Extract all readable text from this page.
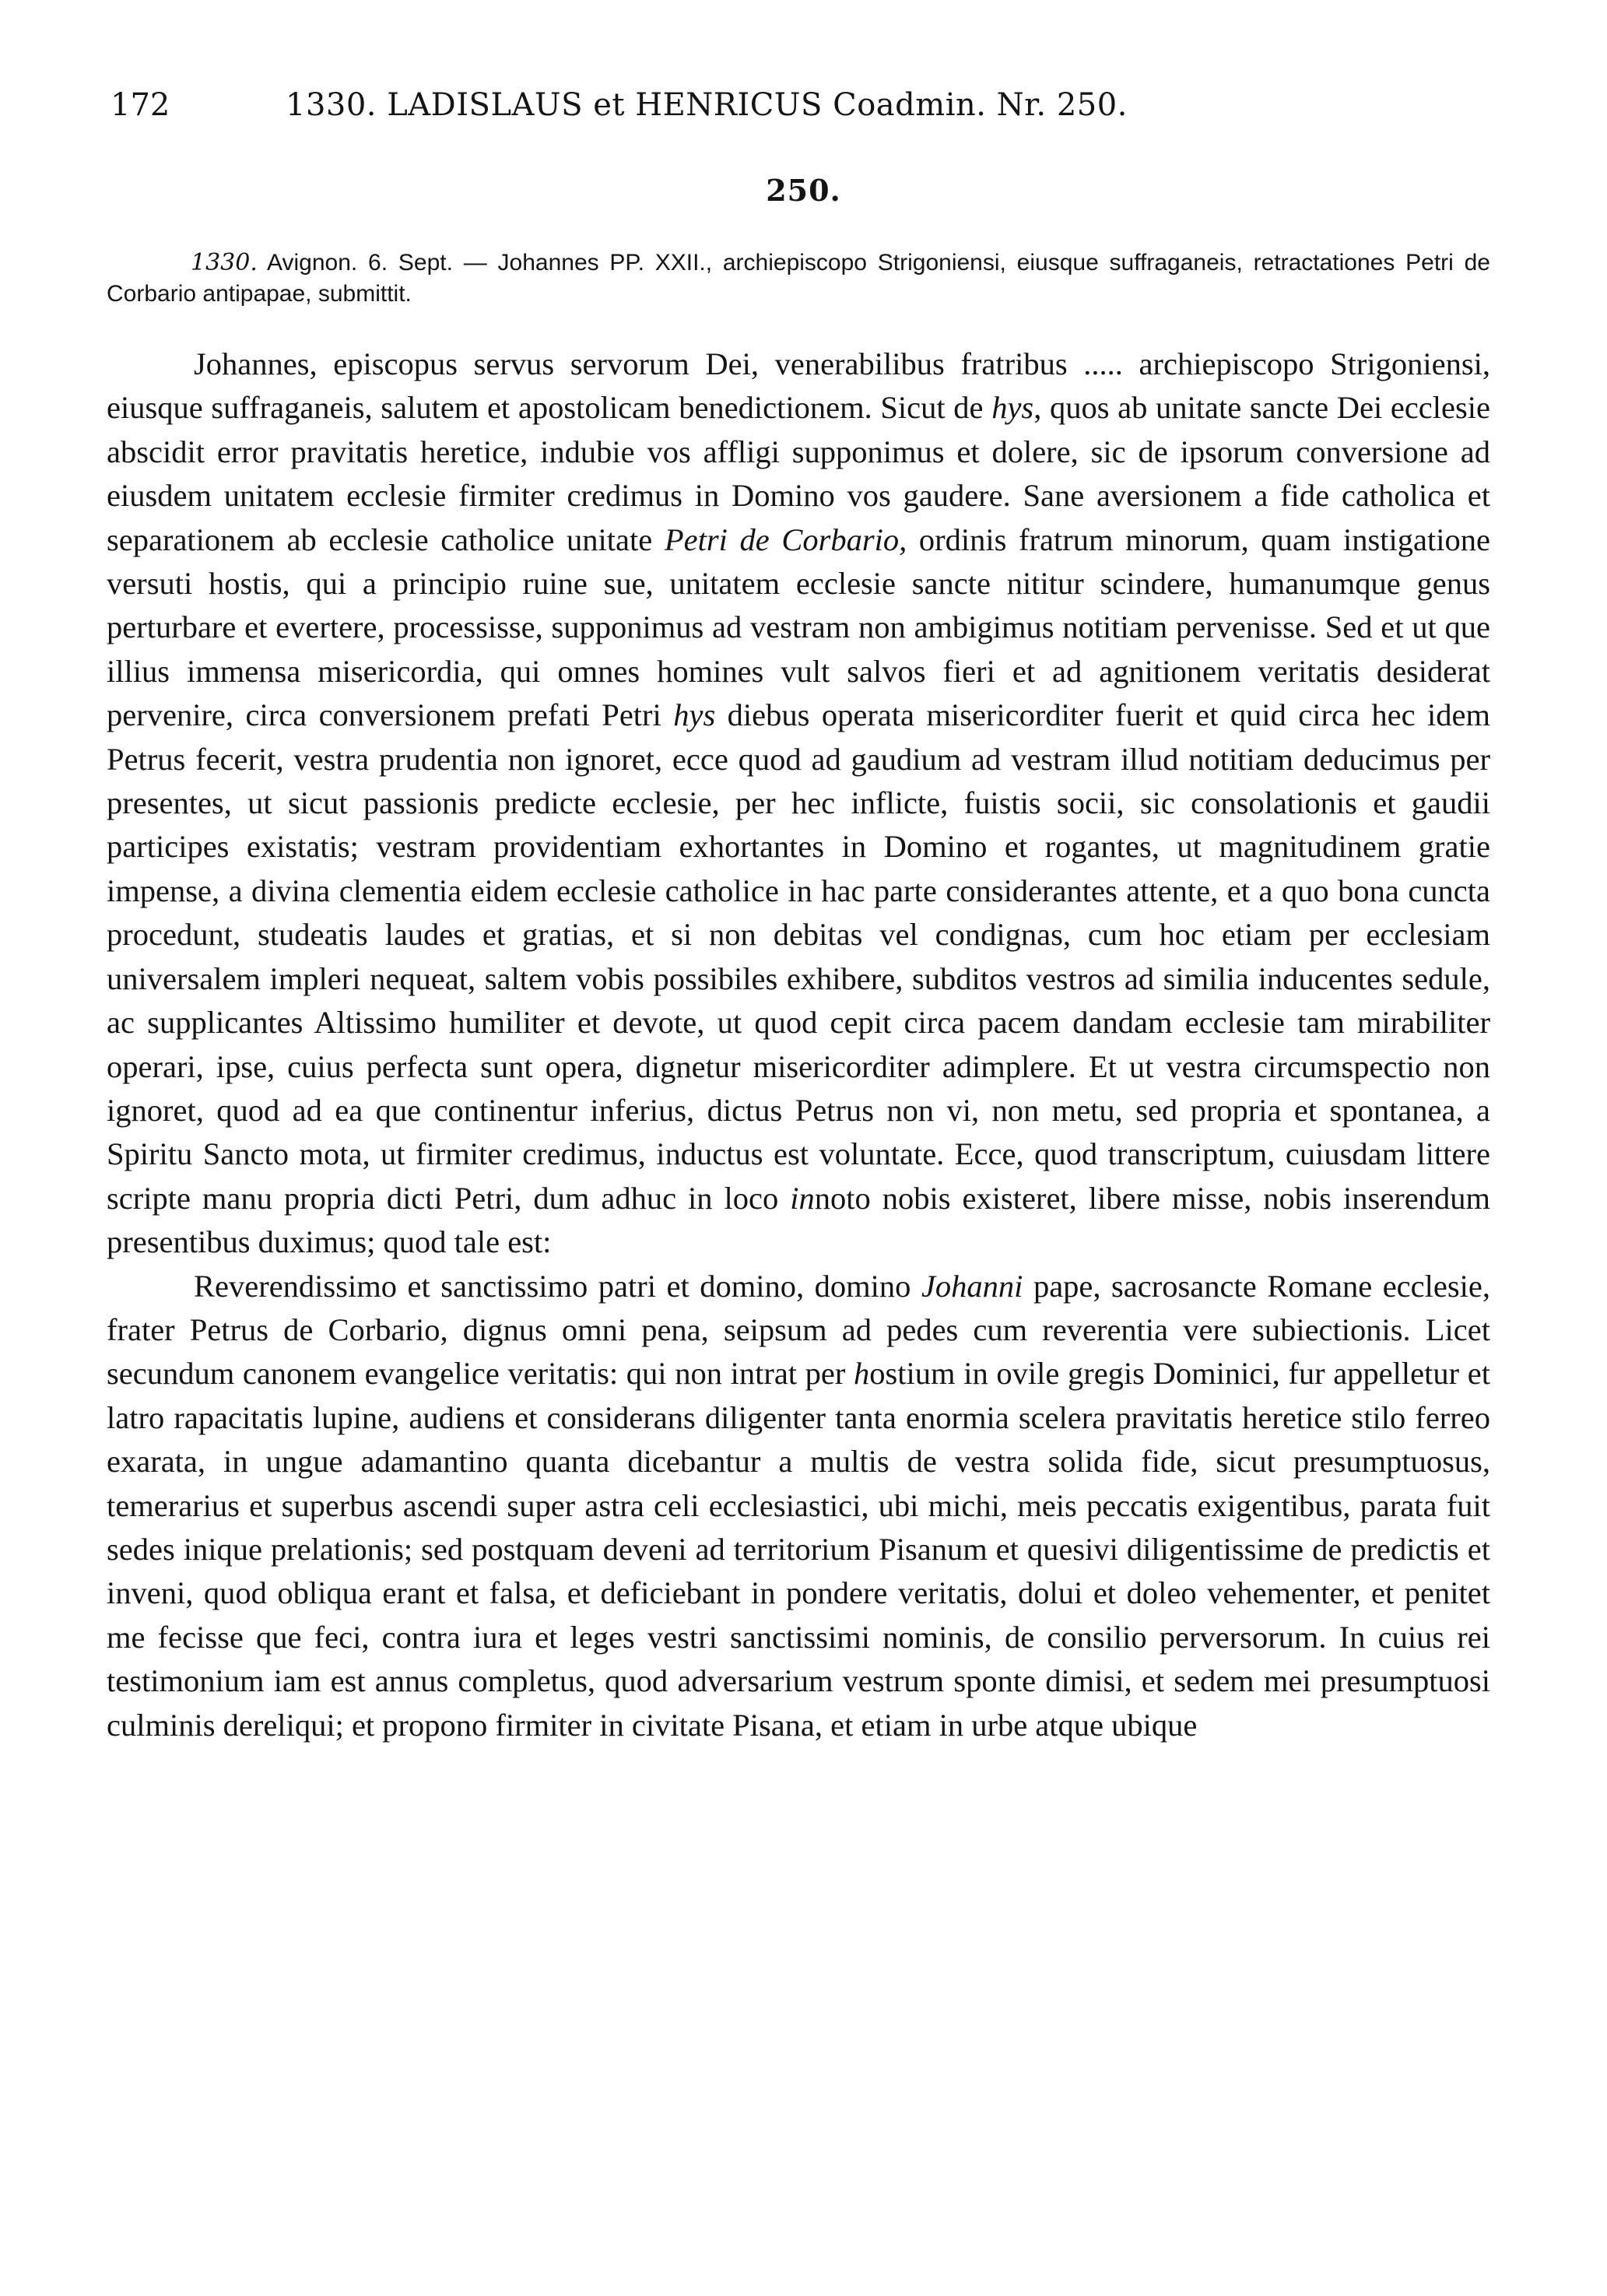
172	1330. LADISLAUS et HENRICUS Coadmin. Nr. 250.
250.
1330. Avignon. 6. Sept. — Johannes PP. XXII., archiepiscopo Strigoniensi, eiusque suffraganeis, retractationes Petri de Corbario antipapae, submittit.

Johannes, episcopus servus servorum Dei, venerabilibus fratribus ..... archiepiscopo Strigoniensi, eiusque suffraganeis, salutem et apostolicam benedictionem. Sicut de hys, quos ab unitate sancte Dei ecclesie abscidit error pravitatis heretice, indubie vos affligi supponimus et dolere, sic de ipsorum conversione ad eiusdem unitatem ecclesie firmiter credimus in Domino vos gaudere. Sane aversionem a fide catholica et separationem ab ecclesie catholice unitate Petri de Corbario, ordinis fratrum minorum, quam instigatione versuti hostis, qui a principio ruine sue, unitatem ecclesie sancte nititur scindere, humanumque genus perturbare et evertere, processisse, supponimus ad vestram non ambigimus notitiam pervenisse. Sed et ut que illius immensa misericordia, qui omnes homines vult salvos fieri et ad agnitionem veritatis desiderat pervenire, circa conversionem prefati Petri hys diebus operata misericorditer fuerit et quid circa hec idem Petrus fecerit, vestra prudentia non ignoret, ecce quod ad gaudium ad vestram illud notitiam deducimus per presentes, ut sicut passionis predicte ecclesie, per hec inflicte, fuistis socii, sic consolationis et gaudii participes existatis; vestram providentiam exhortantes in Domino et rogantes, ut magnitudinem gratie impense, a divina clementia eidem ecclesie catholice in hac parte considerantes attente, et a quo bona cuncta procedunt, studeatis laudes et gratias, et si non debitas vel condignas, cum hoc etiam per ecclesiam universalem impleri nequeat, saltem vobis possibiles exhibere, subditos vestros ad similia inducentes sedule, ac supplicantes Altissimo humiliter et devote, ut quod cepit circa pacem dandam ecclesie tam mirabiliter operari, ipse, cuius perfecta sunt opera, dignetur misericorditer adimplere. Et ut vestra circumspectio non ignoret, quod ad ea que continentur inferius, dictus Petrus non vi, non metu, sed propria et spontanea, a Spiritu Sancto mota, ut firmiter credimus, inductus est voluntate. Ecce, quod transcriptum, cuiusdam littere scripte manu propria dicti Petri, dum adhuc in loco innoto nobis existeret, libere misse, nobis inserendum presentibus duximus; quod tale est:

Reverendissimo et sanctissimo patri et domino, domino Johanni pape, sacrosancte Romane ecclesie, frater Petrus de Corbario, dignus omni pena, seipsum ad pedes cum reverentia vere subiectionis. Licet secundum canonem evangelice veritatis: qui non intrat per hostium in ovile gregis Dominici, fur appelletur et latro rapacitatis lupine, audiens et considerans diligenter tanta enormia scelera pravitatis heretice stilo ferreo exarata, in ungue adamantino quanta dicebantur a multis de vestra solida fide, sicut presumptuosus, temerarius et superbus ascendi super astra celi ecclesiastici, ubi michi, meis peccatis exigentibus, parata fuit sedes inique prelationis; sed postquam deveni ad territorium Pisanum et quesivi diligentissime de predictis et inveni, quod obliqua erant et falsa, et deficiebant in pondere veritatis, dolui et doleo vehementer, et penitet me fecisse que feci, contra iura et leges vestri sanctissimi nominis, de consilio perversorum. In cuius rei testimonium iam est annus completus, quod adversarium vestrum sponte dimisi, et sedem mei presumptuosi culminis dereliqui; et propono firmiter in civitate Pisana, et etiam in urbe atque ubique
